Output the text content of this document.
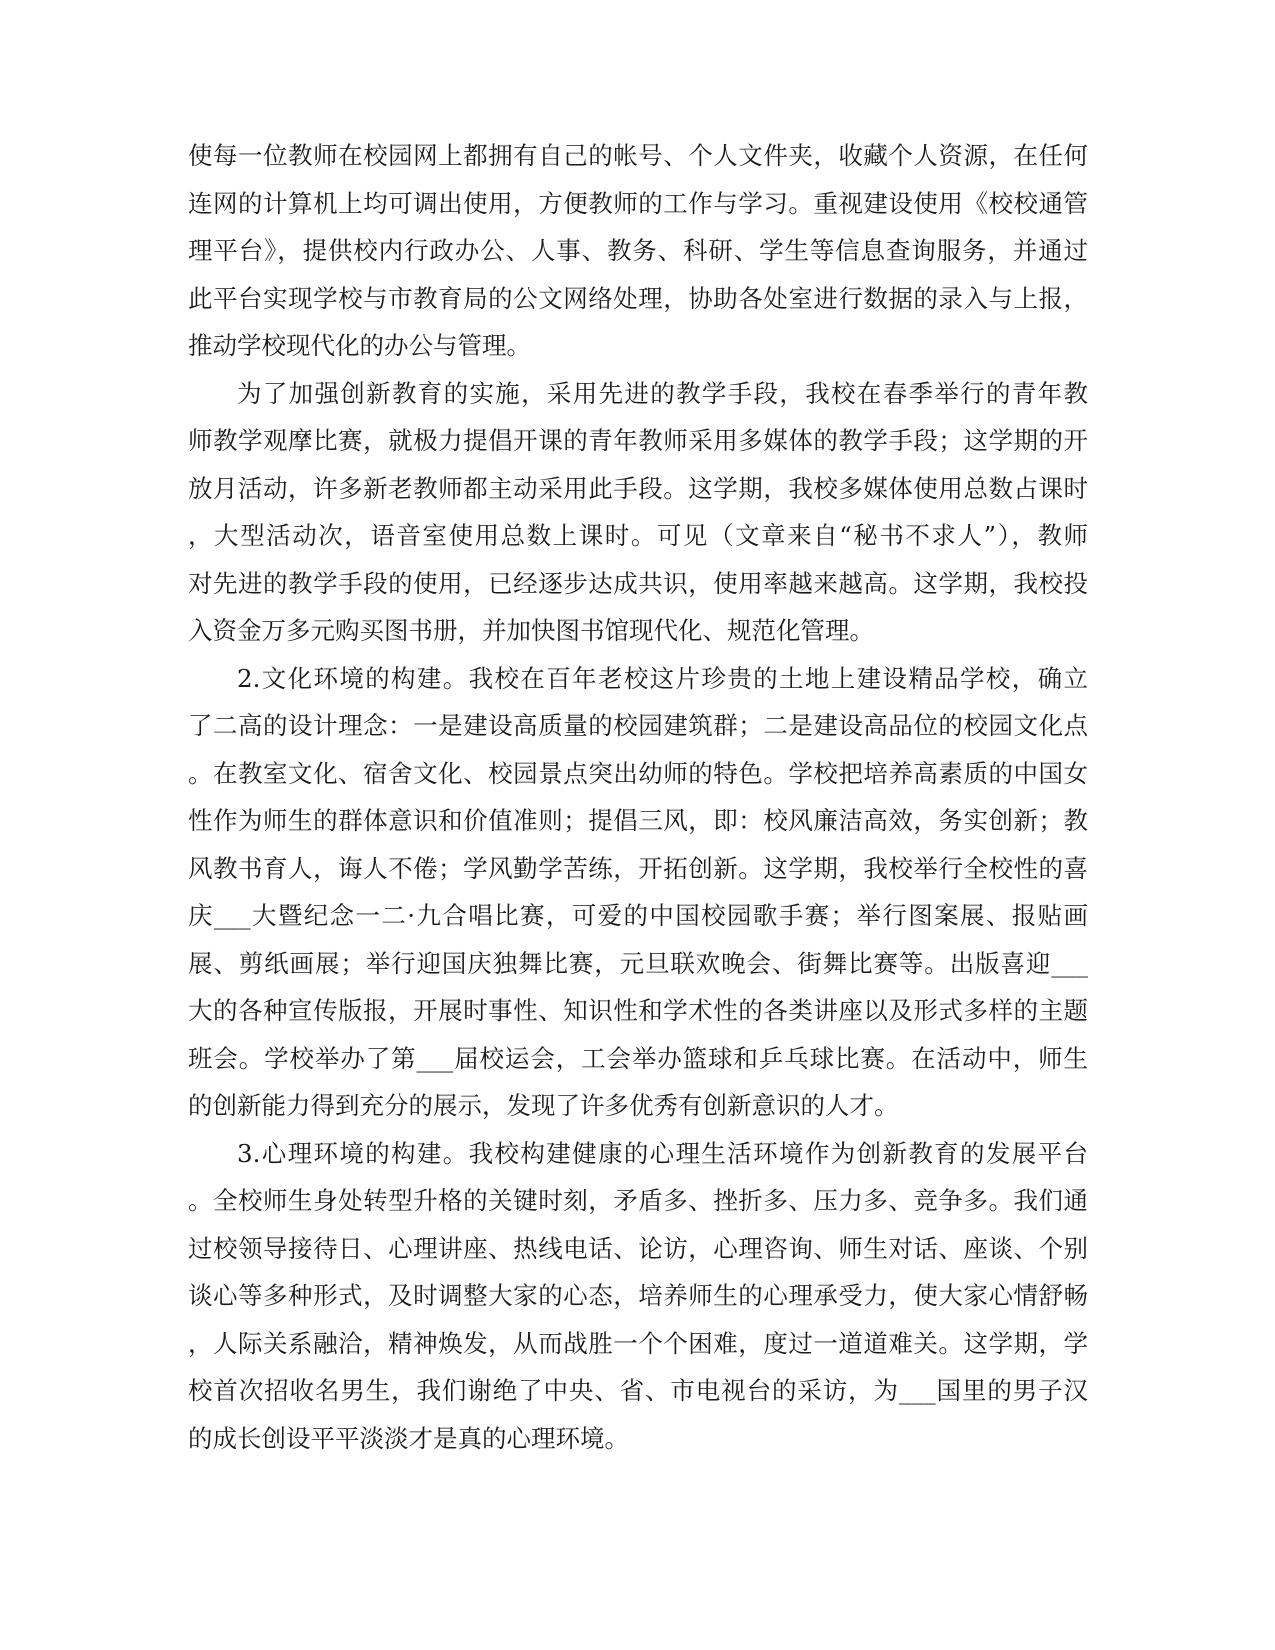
使每一位教师在校园网上都拥有自己的帐号、个人文件夹，收藏个人资源，在任何
连网的计算机上均可调出使用，方便教师的工作与学习。重视建设使用《校校通管
理平台》，提供校内行政办公、人事、教务、科研、学生等信息查询服务，并通过
此平台实现学校与市教育局的公文网络处理，协助各处室进行数据的录入与上报，
推动学校现代化的办公与管理。
为了加强创新教育的实施，采用先进的教学手段，我校在春季举行的青年教
师教学观摩比赛，就极力提倡开课的青年教师采用多媒体的教学手段；这学期的开
放月活动，许多新老教师都主动采用此手段。这学期，我校多媒体使用总数占课时
，大型活动次，语音室使用总数上课时。可见（文章来自“秘书不求人”），教师
对先进的教学手段的使用，已经逐步达成共识，使用率越来越高。这学期，我校投
入资金万多元购买图书册，并加快图书馆现代化、规范化管理。
2.文化环境的构建。我校在百年老校这片珍贵的土地上建设精品学校，确立
了二高的设计理念：一是建设高质量的校园建筑群；二是建设高品位的校园文化点
。在教室文化、宿舍文化、校园景点突出幼师的特色。学校把培养高素质的中国女
性作为师生的群体意识和价值准则；提倡三风，即：校风廉洁高效，务实创新；教
风教书育人，诲人不倦；学风勤学苦练，开拓创新。这学期，我校举行全校性的喜
庆___大暨纪念一二·九合唱比赛，可爱的中国校园歌手赛；举行图案展、报贴画
展、剪纸画展；举行迎国庆独舞比赛，元旦联欢晚会、街舞比赛等。出版喜迎___
大的各种宣传版报，开展时事性、知识性和学术性的各类讲座以及形式多样的主题
班会。学校举办了第___届校运会，工会举办篮球和乒乓球比赛。在活动中，师生
的创新能力得到充分的展示，发现了许多优秀有创新意识的人才。
3.心理环境的构建。我校构建健康的心理生活环境作为创新教育的发展平台
。全校师生身处转型升格的关键时刻，矛盾多、挫折多、压力多、竞争多。我们通
过校领导接待日、心理讲座、热线电话、论访，心理咨询、师生对话、座谈、个别
谈心等多种形式，及时调整大家的心态，培养师生的心理承受力，使大家心情舒畅
，人际关系融洽，精神焕发，从而战胜一个个困难，度过一道道难关。这学期，学
校首次招收名男生，我们谢绝了中央、省、市电视台的采访，为___国里的男子汉
的成长创设平平淡淡才是真的心理环境。
